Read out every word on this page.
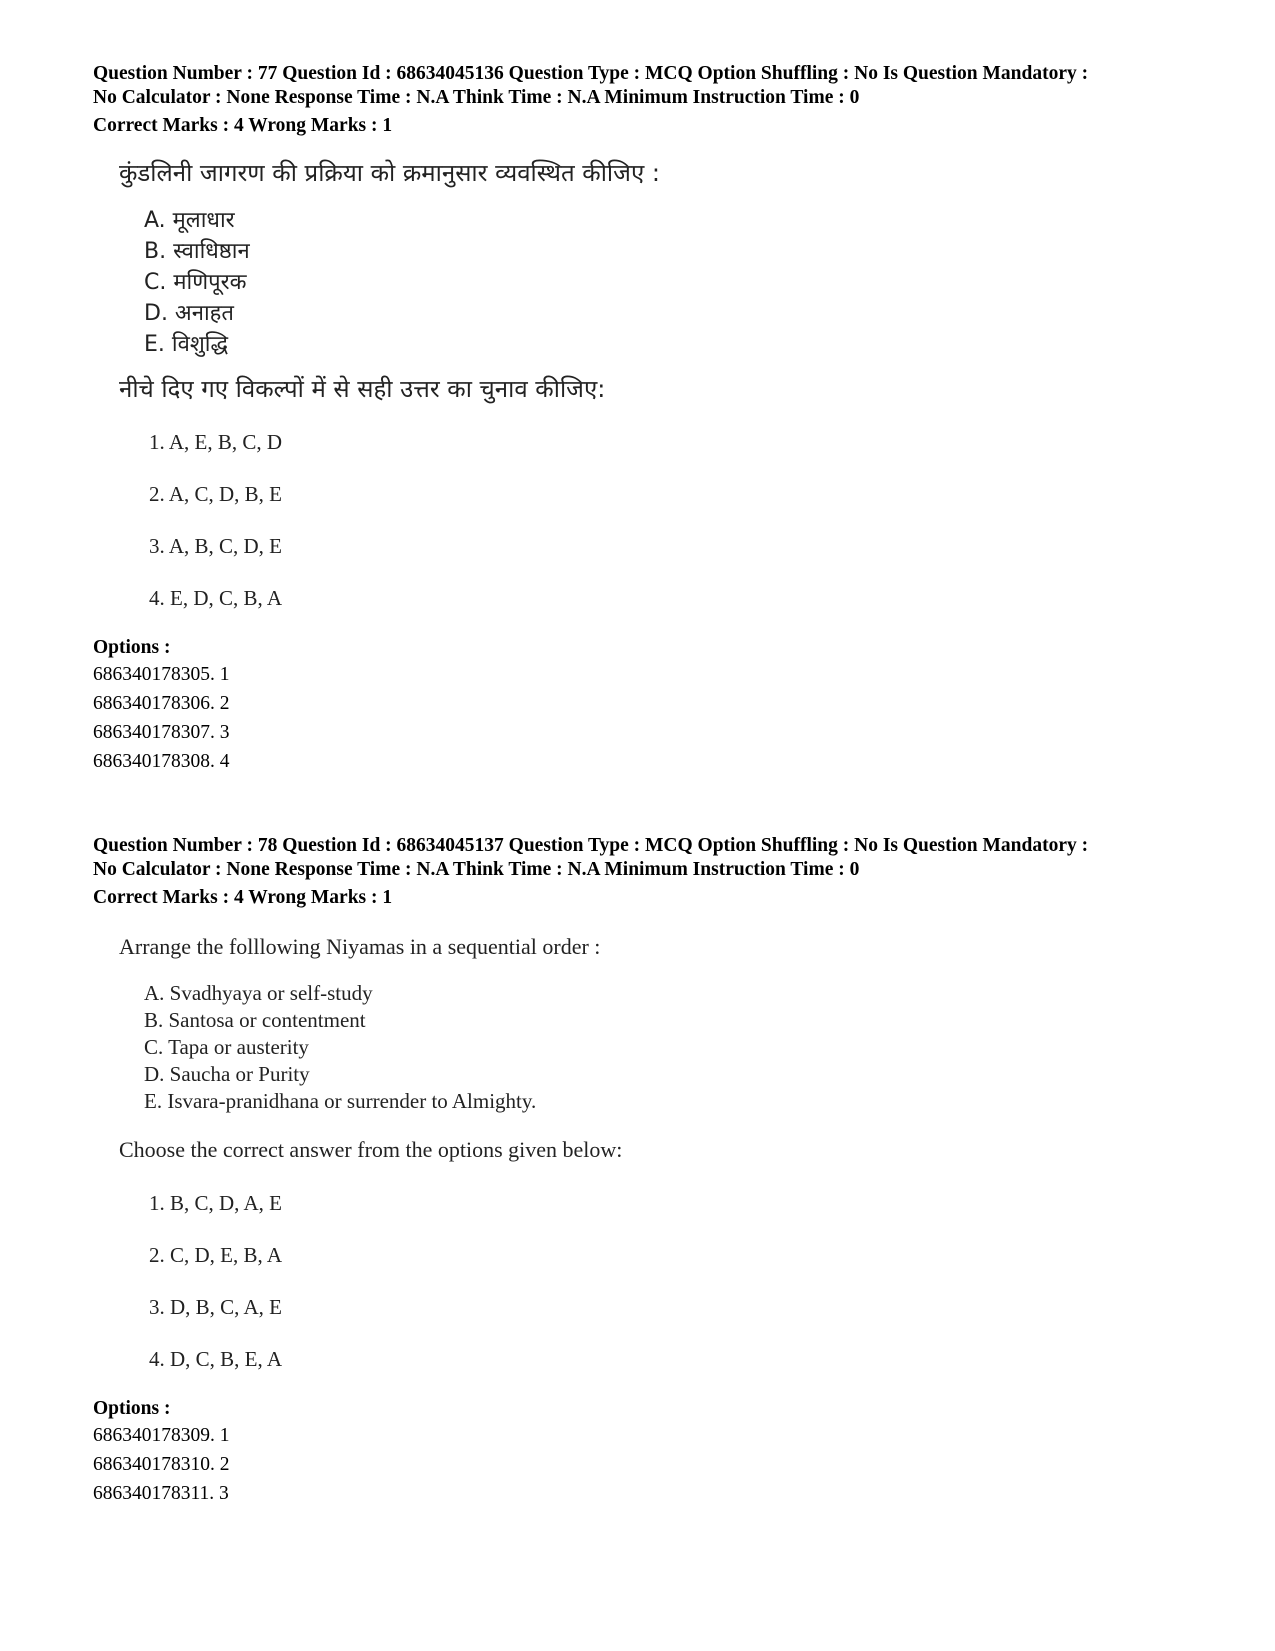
Question Number : 77 Question Id : 68634045136 Question Type : MCQ Option Shuffling : No Is Question Mandatory :
No Calculator : None Response Time : N.A Think Time : N.A Minimum Instruction Time : 0
Correct Marks : 4 Wrong Marks : 1
कुंडलिनी जागरण की प्रक्रिया को क्रमानुसार व्यवस्थित कीजिए :
A. मूलाधार
B. स्वाधिष्ठान
C. मणिपूरक
D. अनाहत
E. विशुद्धि
नीचे दिए गए विकल्पों में से सही उत्तर का चुनाव कीजिए:
1. A, E, B, C, D
2. A, C, D, B, E
3. A, B, C, D, E
4. E, D, C, B, A
Options :
686340178305. 1
686340178306. 2
686340178307. 3
686340178308. 4
Question Number : 78 Question Id : 68634045137 Question Type : MCQ Option Shuffling : No Is Question Mandatory :
No Calculator : None Response Time : N.A Think Time : N.A Minimum Instruction Time : 0
Correct Marks : 4 Wrong Marks : 1
Arrange the folllowing Niyamas in a sequential order :
A. Svadhyaya or self-study
B. Santosa or contentment
C. Tapa or austerity
D. Saucha or Purity
E. Isvara-pranidhana or surrender to Almighty.
Choose the correct answer from the options given below:
1. B, C, D, A, E
2. C, D, E, B, A
3. D, B, C, A, E
4. D, C, B, E, A
Options :
686340178309. 1
686340178310. 2
686340178311. 3
